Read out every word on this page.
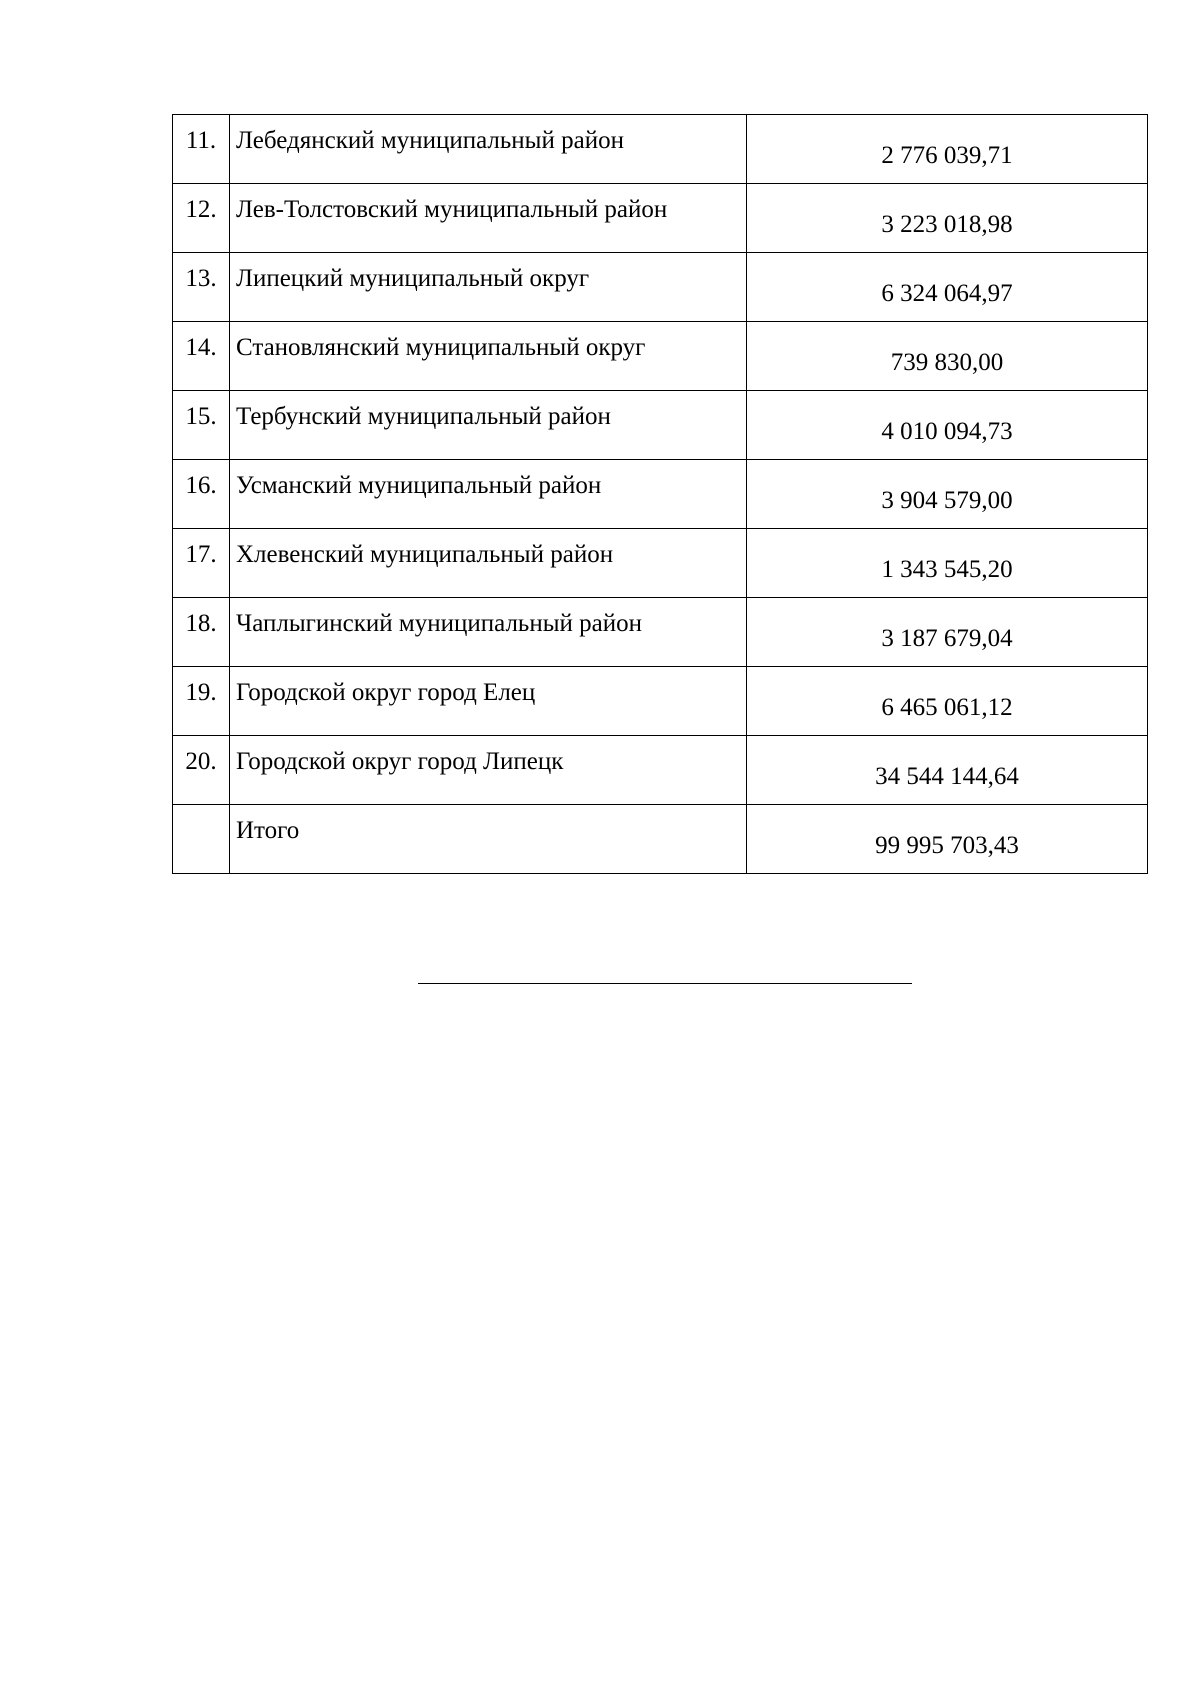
11.	Лебедянский муниципальный район	2 776 039,71
12.	Лев-Толстовский муниципальный район	3 223 018,98
13.	Липецкий муниципальный округ	6 324 064,97
14.	Становлянский муниципальный округ	739 830,00
15.	Тербунский муниципальный район	4 010 094,73
16.	Усманский муниципальный район	3 904 579,00
17.	Хлевенский муниципальный район	1 343 545,20
18.	Чаплыгинский муниципальный район	3 187 679,04
19.	Городской округ город Елец	6 465 061,12
20.	Городской округ город Липецк	34 544 144,64
	Итого	99 995 703,43
